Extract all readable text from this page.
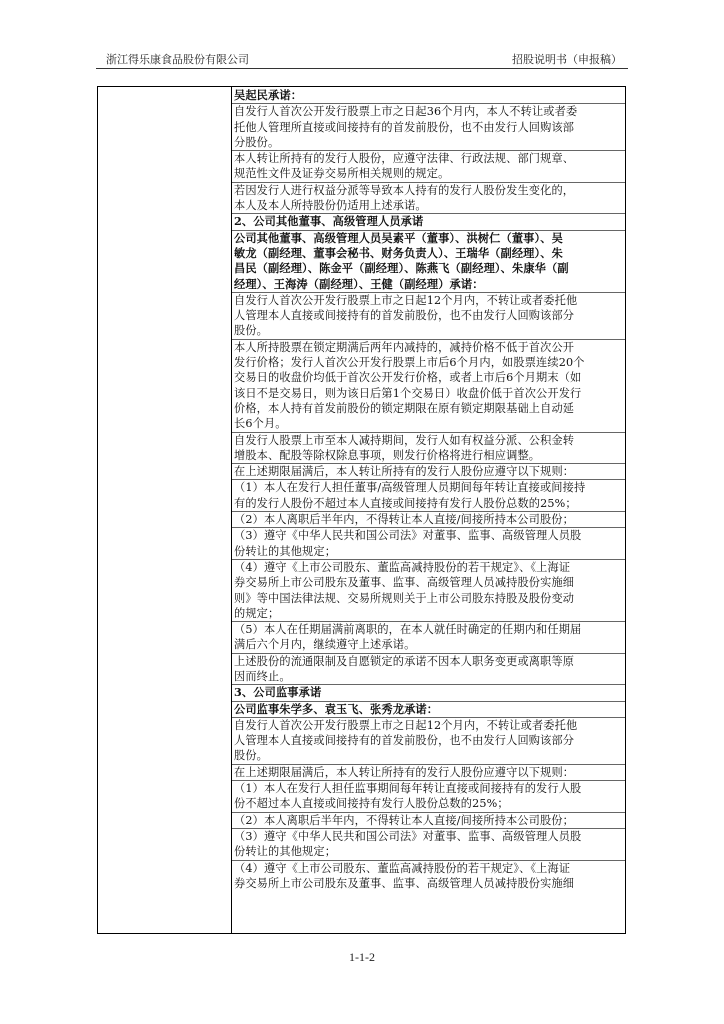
浙江得乐康食品股份有限公司	招股说明书（申报稿）
吴起民承诺：
自发行人首次公开发行股票上市之日起36个月内，本人不转让或者委
托他人管理所直接或间接持有的首发前股份，也不由发行人回购该部
分股份。
本人转让所持有的发行人股份，应遵守法律、行政法规、部门规章、
规范性文件及证券交易所相关规则的规定。
若因发行人进行权益分派等导致本人持有的发行人股份发生变化的，
本人及本人所持股份仍适用上述承诺。
2、公司其他董事、高级管理人员承诺
公司其他董事、高级管理人员吴素平（董事）、洪树仁（董事）、吴
敏龙（副经理、董事会秘书、财务负责人）、王瑞华（副经理）、朱
昌民（副经理）、陈金平（副经理）、陈燕飞（副经理）、朱康华（副
经理）、王海涛（副经理）、王健（副经理）承诺：
自发行人首次公开发行股票上市之日起12个月内，不转让或者委托他
人管理本人直接或间接持有的首发前股份，也不由发行人回购该部分
股份。
本人所持股票在锁定期满后两年内减持的，减持价格不低于首次公开
发行价格；发行人首次公开发行股票上市后6个月内，如股票连续20个
交易日的收盘价均低于首次公开发行价格，或者上市后6个月期末（如
该日不是交易日，则为该日后第1个交易日）收盘价低于首次公开发行
价格，本人持有首发前股份的锁定期限在原有锁定期限基础上自动延
长6个月。
自发行人股票上市至本人减持期间，发行人如有权益分派、公积金转
增股本、配股等除权除息事项，则发行价格将进行相应调整。
在上述期限届满后，本人转让所持有的发行人股份应遵守以下规则：
（1）本人在发行人担任董事/高级管理人员期间每年转让直接或间接持
有的发行人股份不超过本人直接或间接持有发行人股份总数的25%；
（2）本人离职后半年内，不得转让本人直接/间接所持本公司股份；
（3）遵守《中华人民共和国公司法》对董事、监事、高级管理人员股
份转让的其他规定；
（4）遵守《上市公司股东、董监高减持股份的若干规定》、《上海证
券交易所上市公司股东及董事、监事、高级管理人员减持股份实施细
则》等中国法律法规、交易所规则关于上市公司股东持股及股份变动
的规定；
（5）本人在任期届满前离职的，在本人就任时确定的任期内和任期届
满后六个月内，继续遵守上述承诺。
上述股份的流通限制及自愿锁定的承诺不因本人职务变更或离职等原
因而终止。
3、公司监事承诺
公司监事朱学多、袁玉飞、张秀龙承诺：
自发行人首次公开发行股票上市之日起12个月内，不转让或者委托他
人管理本人直接或间接持有的首发前股份，也不由发行人回购该部分
股份。
在上述期限届满后，本人转让所持有的发行人股份应遵守以下规则：
（1）本人在发行人担任监事期间每年转让直接或间接持有的发行人股
份不超过本人直接或间接持有发行人股份总数的25%；
（2）本人离职后半年内，不得转让本人直接/间接所持本公司股份；
（3）遵守《中华人民共和国公司法》对董事、监事、高级管理人员股
份转让的其他规定；
（4）遵守《上市公司股东、董监高减持股份的若干规定》、《上海证
券交易所上市公司股东及董事、监事、高级管理人员减持股份实施细
1-1-2
